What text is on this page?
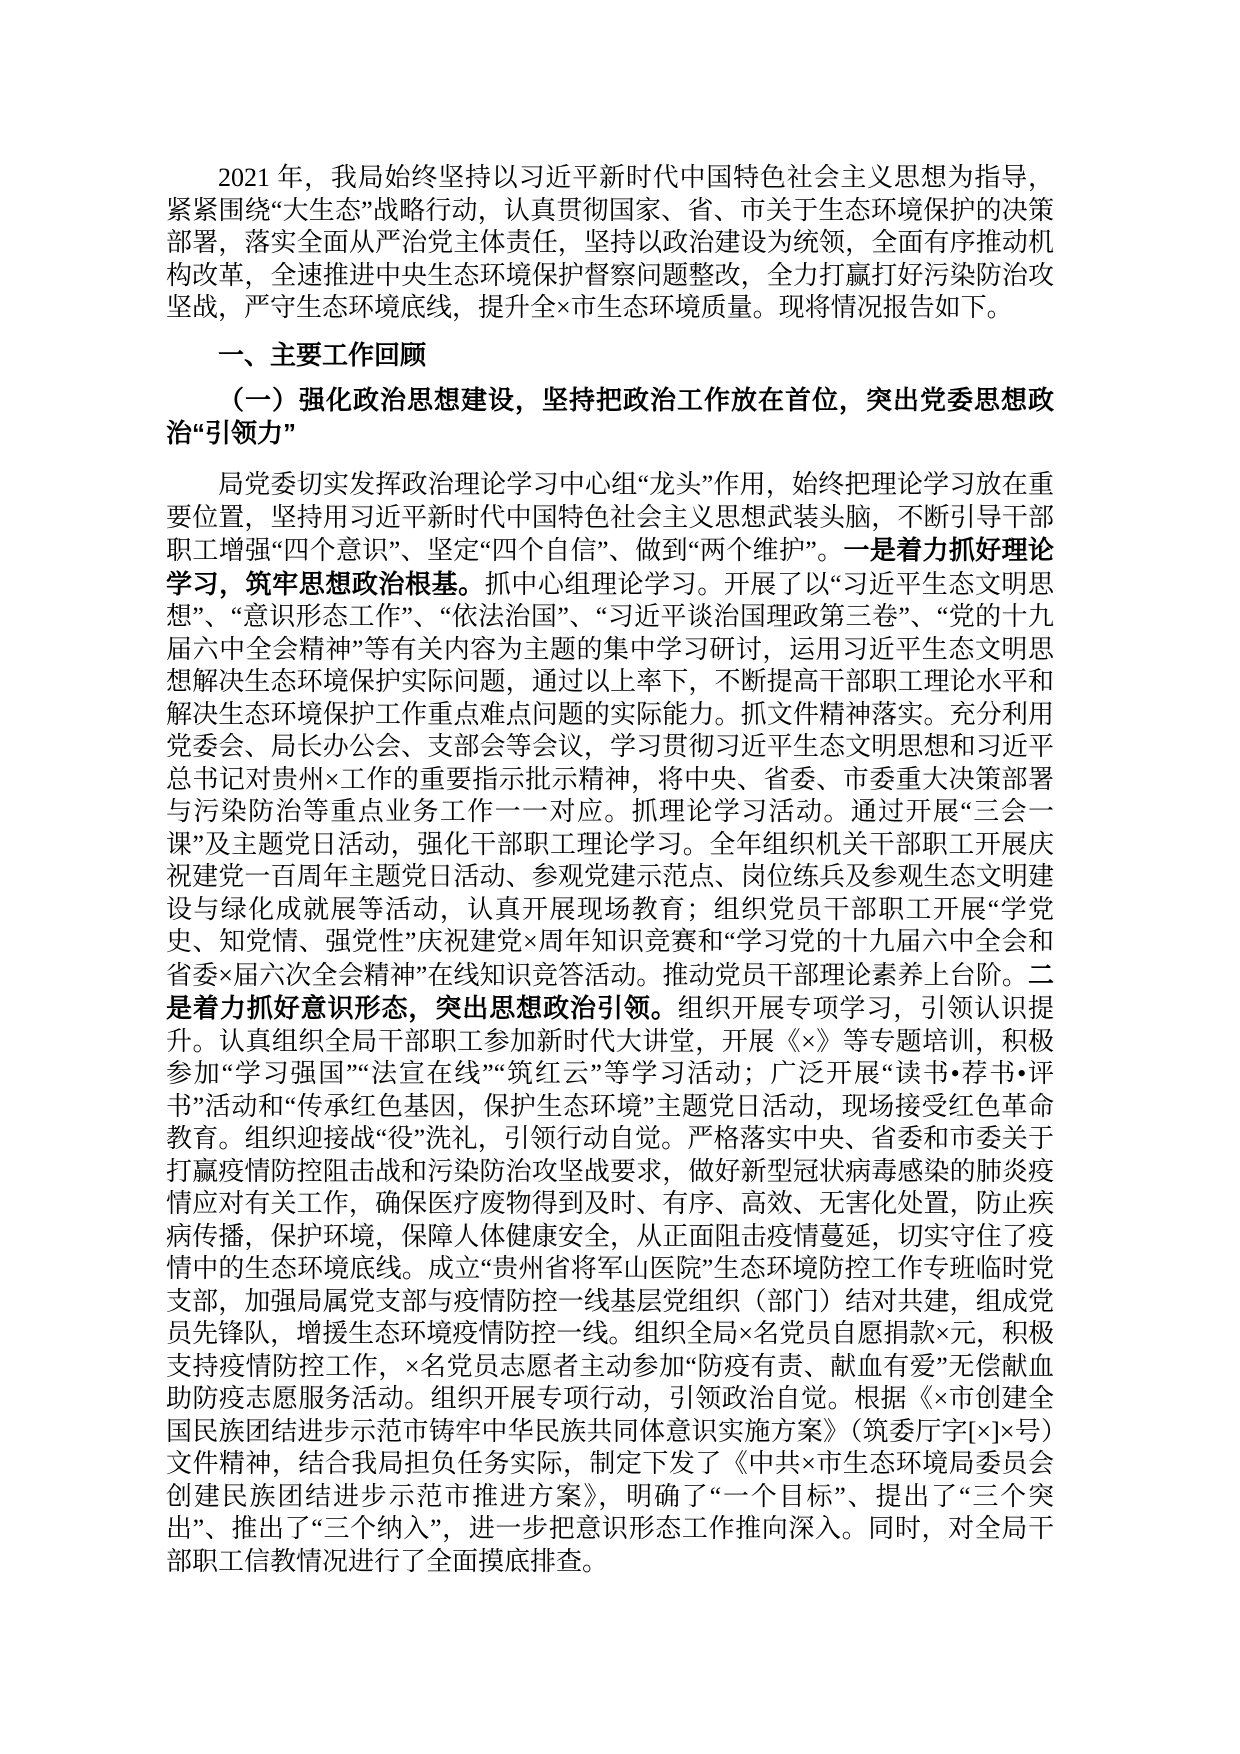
2021 年，我局始终坚持以习近平新时代中国特色社会主义思想为指导，紧紧围绕“大生态”战略行动，认真贯彻国家、省、市关于生态环境保护的决策部署，落实全面从严治党主体责任，坚持以政治建设为统领，全面有序推动机构改革，全速推进中央生态环境保护督察问题整改，全力打赢打好污染防治攻坚战，严守生态环境底线，提升全×市生态环境质量。现将情况报告如下。

一、主要工作回顾
（一）强化政治思想建设，坚持把政治工作放在首位，突出党委思想政治“引领力”

局党委切实发挥政治理论学习中心组“龙头”作用，始终把理论学习放在重要位置，坚持用习近平新时代中国特色社会主义思想武装头脑，不断引导干部职工增强“四个意识”、坚定“四个自信”、做到“两个维护”。一是着力抓好理论学习，筑牢思想政治根基。抓中心组理论学习。开展了以“习近平生态文明思想”、“意识形态工作”、“依法治国”、“习近平谈治国理政第三卷”、“党的十九届六中全会精神”等有关内容为主题的集中学习研讨，运用习近平生态文明思想解决生态环境保护实际问题，通过以上率下，不断提高干部职工理论水平和解决生态环境保护工作重点难点问题的实际能力。抓文件精神落实。充分利用党委会、局长办公会、支部会等会议，学习贯彻习近平生态文明思想和习近平总书记对贵州×工作的重要指示批示精神，将中央、省委、市委重大决策部署与污染防治等重点业务工作一一对应。抓理论学习活动。通过开展“三会一课”及主题党日活动，强化干部职工理论学习。全年组织机关干部职工开展庆祝建党一百周年主题党日活动、参观党建示范点、岗位练兵及参观生态文明建设与绿化成就展等活动，认真开展现场教育；组织党员干部职工开展“学党史、知党情、强党性”庆祝建党×周年知识竞赛和“学习党的十九届六中全会和省委×届六次全会精神”在线知识竞答活动。推动党员干部理论素养上台阶。二是着力抓好意识形态，突出思想政治引领。组织开展专项学习，引领认识提升。认真组织全局干部职工参加新时代大讲堂，开展《×》等专题培训，积极参加“学习强国”“法宣在线”“筑红云”等学习活动；广泛开展“读书•荐书•评书”活动和“传承红色基因，保护生态环境”主题党日活动，现场接受红色革命教育。组织迎接战“役”洗礼，引领行动自觉。严格落实中央、省委和市委关于打赢疫情防控阻击战和污染防治攻坚战要求，做好新型冠状病毒感染的肺炎疫情应对有关工作，确保医疗废物得到及时、有序、高效、无害化处置，防止疾病传播，保护环境，保障人体健康安全，从正面阻击疫情蔓延，切实守住了疫情中的生态环境底线。成立“贵州省将军山医院”生态环境防控工作专班临时党支部，加强局属党支部与疫情防控一线基层党组织（部门）结对共建，组成党员先锋队，增援生态环境疫情防控一线。组织全局×名党员自愿捐款×元，积极支持疫情防控工作，×名党员志愿者主动参加“防疫有责、献血有爱”无偿献血助防疫志愿服务活动。组织开展专项行动，引领政治自觉。根据《×市创建全国民族团结进步示范市铸牢中华民族共同体意识实施方案》（筑委厅字[×]×号）文件精神，结合我局担负任务实际，制定下发了《中共×市生态环境局委员会创建民族团结进步示范市推进方案》，明确了“一个目标”、提出了“三个突出”、推出了“三个纳入”，进一步把意识形态工作推向深入。同时，对全局干部职工信教情况进行了全面摸底排查。
